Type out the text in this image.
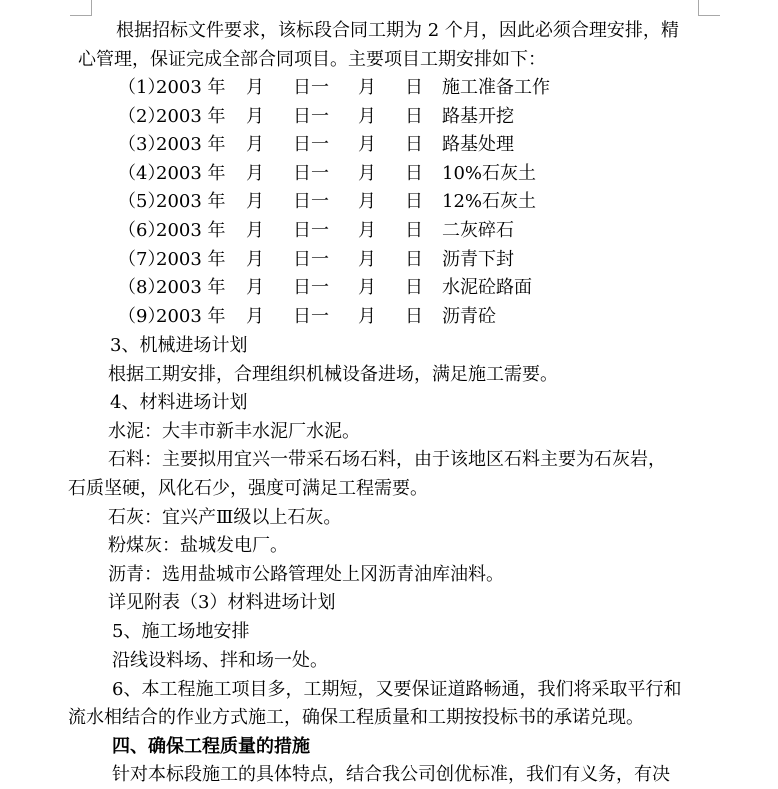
根据招标文件要求，该标段合同工期为 2 个月，因此必须合理安排，精
心管理，保证完成全部合同项目。主要项目工期安排如下：
（1）
2003 年 月 日一 月 日 施工准备工作
（2）
2003 年 月 日一 月 日 路基开挖
（3）
2003 年 月 日一 月 日 路基处理
（4）
2003 年 月 日一 月 日 10%石灰土
（5）
2003 年 月 日一 月 日 12%石灰土
（6）
2003 年 月 日一 月 日 二灰碎石
（7）
2003 年 月 日一 月 日 沥青下封
（8）
2003 年 月 日一 月 日 水泥砼路面
（9）
2003 年 月 日一 月 日 沥青砼
3、机械进场计划
根据工期安排，合理组织机械设备进场，满足施工需要。
4、材料进场计划
水泥：大丰市新丰水泥厂水泥。
石料：主要拟用宜兴一带采石场石料，由于该地区石料主要为石灰岩，
石质坚硬，风化石少，强度可满足工程需要。
石灰：宜兴产Ⅲ级以上石灰。
粉煤灰：盐城发电厂。
沥青：选用盐城市公路管理处上冈沥青油库油料。
详见附表（3）材料进场计划
5、施工场地安排
沿线设料场、拌和场一处。
6、本工程施工项目多，工期短，又要保证道路畅通，我们将采取平行和
流水相结合的作业方式施工，确保工程质量和工期按投标书的承诺兑现。
四、确保工程质量的措施
针对本标段施工的具体特点，结合我公司创优标准，我们有义务，有决
